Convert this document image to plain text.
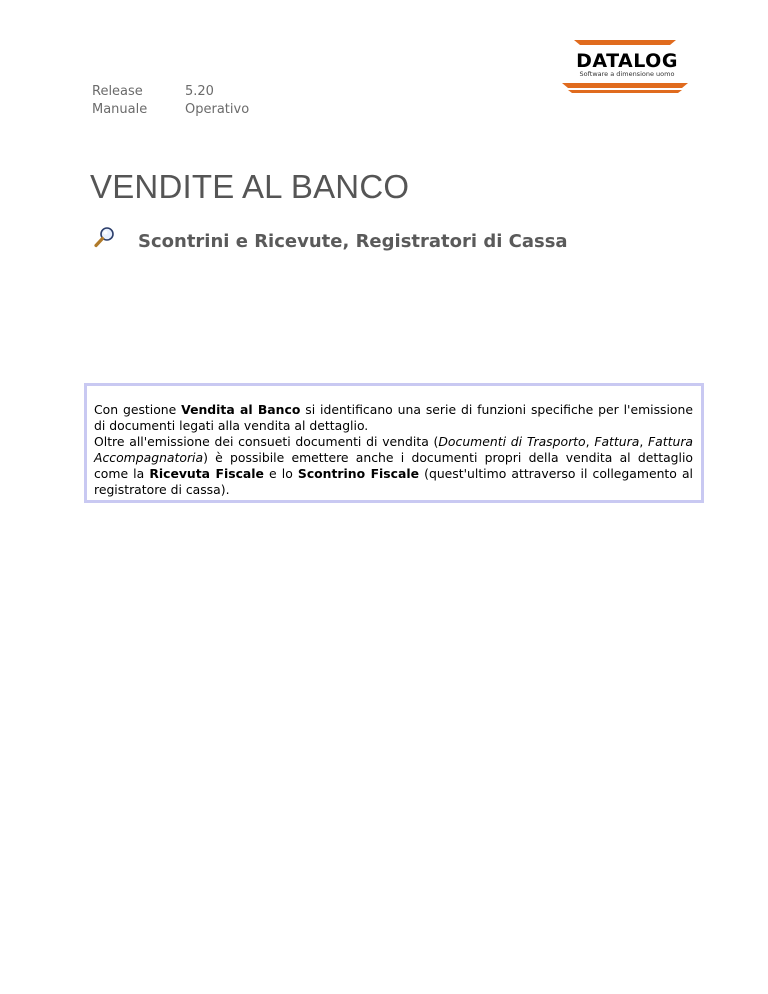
Release	5.20
Manuale	Operativo
DATALOG
Software a dimensione uomo
VENDITE AL BANCO
Scontrini e Ricevute, Registratori di Cassa

Con gestione Vendita al Banco si identificano una serie di funzioni specifiche per l'emissione di documenti legati alla vendita al dettaglio.

Oltre all'emissione dei consueti documenti di vendita (Documenti di Trasporto, Fattura, Fattura Accompagnatoria) è possibile emettere anche i documenti propri della vendita al dettaglio come la Ricevuta Fiscale e lo Scontrino Fiscale (quest'ultimo attraverso il collegamento al registratore di cassa).
